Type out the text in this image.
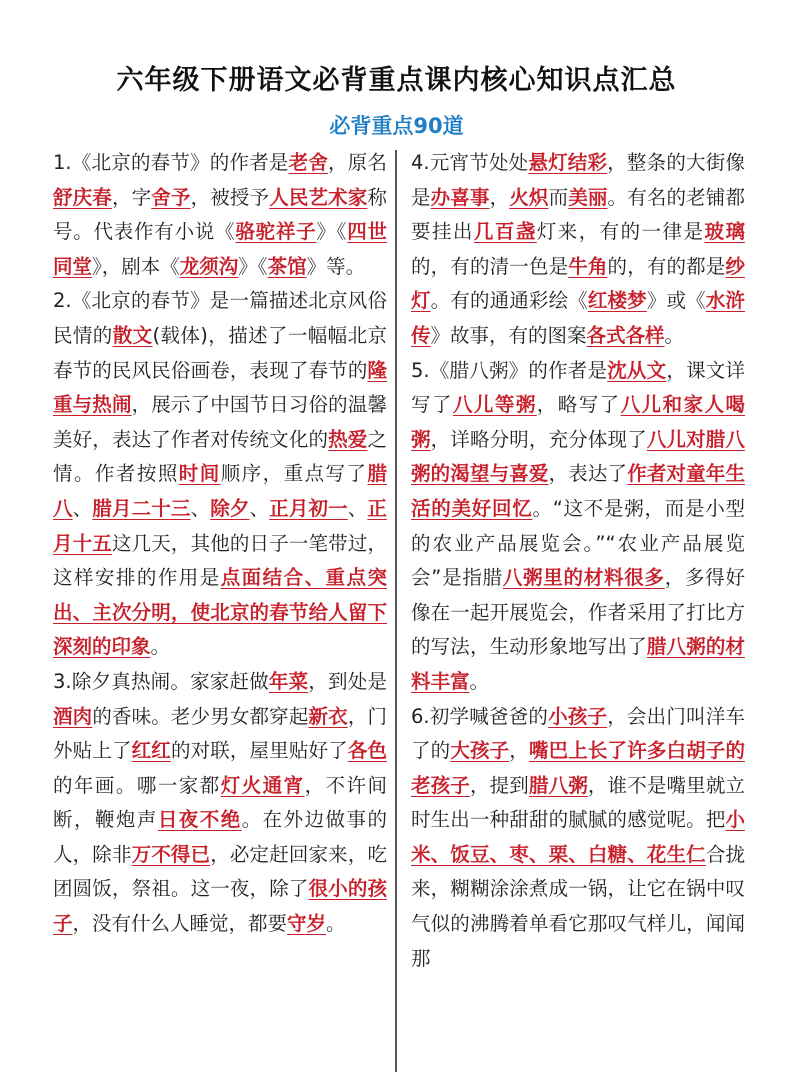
六年级下册语文必背重点课内核心知识点汇总
必背重点90道

1.《北京的春节》的作者是老舍，原名舒庆春，字舍予，被授予人民艺术家称号。代表作有小说《骆驼祥子》《四世同堂》，剧本《龙须沟》《茶馆》等。

2.《北京的春节》是一篇描述北京风俗民情的散文(载体)，描述了一幅幅北京春节的民风民俗画卷，表现了春节的隆重与热闹，展示了中国节日习俗的温馨美好，表达了作者对传统文化的热爱之情。作者按照时间顺序，重点写了腊八、腊月二十三、除夕、正月初一、正月十五这几天，其他的日子一笔带过，这样安排的作用是点面结合、重点突出、主次分明，使北京的春节给人留下深刻的印象。

3.除夕真热闹。家家赶做年菜，到处是酒肉的香味。老少男女都穿起新衣，门外贴上了红红的对联，屋里贴好了各色的年画。哪一家都灯火通宵，不许间断，鞭炮声日夜不绝。在外边做事的人，除非万不得已，必定赶回家来，吃团圆饭，祭祖。这一夜，除了很小的孩子，没有什么人睡觉，都要守岁。

4.元宵节处处悬灯结彩，整条的大街像是办喜事，火炽而美丽。有名的老铺都要挂出几百盏灯来，有的一律是玻璃的，有的清一色是牛角的，有的都是纱灯。有的通通彩绘《红楼梦》或《水浒传》故事，有的图案各式各样。

5.《腊八粥》的作者是沈从文，课文详写了八儿等粥，略写了八儿和家人喝粥，详略分明，充分体现了八儿对腊八粥的渴望与喜爱，表达了作者对童年生活的美好回忆。“这不是粥，而是小型的农业产品展览会。”“农业产品展览会”是指腊八粥里的材料很多，多得好像在一起开展览会，作者采用了打比方的写法，生动形象地写出了腊八粥的材料丰富。

6.初学喊爸爸的小孩子，会出门叫洋车了的大孩子，嘴巴上长了许多白胡子的老孩子，提到腊八粥，谁不是嘴里就立时生出一种甜甜的腻腻的感觉呢。把小米、饭豆、枣、栗、白糖、花生仁合拢来，糊糊涂涂煮成一锅，让它在锅中叹气似的沸腾着单看它那叹气样儿，闻闻那
